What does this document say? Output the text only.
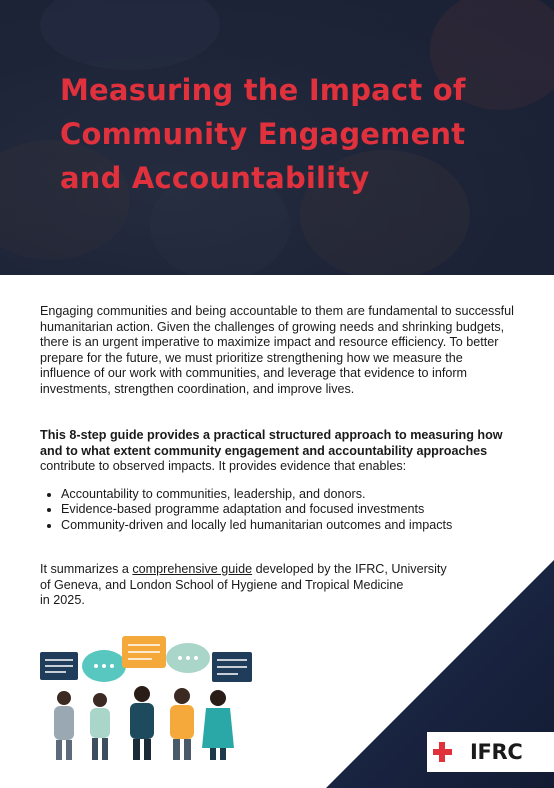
Measuring the Impact of
Community Engagement
and Accountability

Engaging communities and being accountable to them are fundamental to successful humanitarian action. Given the challenges of growing needs and shrinking budgets, there is an urgent imperative to maximize impact and resource efficiency. To better prepare for the future, we must prioritize strengthening how we measure the influence of our work with communities, and leverage that evidence to inform investments, strengthen coordination, and improve lives.

This 8-step guide provides a practical structured approach to measuring how and to what extent community engagement and accountability approaches contribute to observed impacts. It provides evidence that enables:

• Accountability to communities, leadership, and donors.
• Evidence-based programme adaptation and focused investments
• Community-driven and locally led humanitarian outcomes and impacts

It summarizes a comprehensive guide developed by the IFRC, University of Geneva, and London School of Hygiene and Tropical Medicine
in 2025.

IFRC
